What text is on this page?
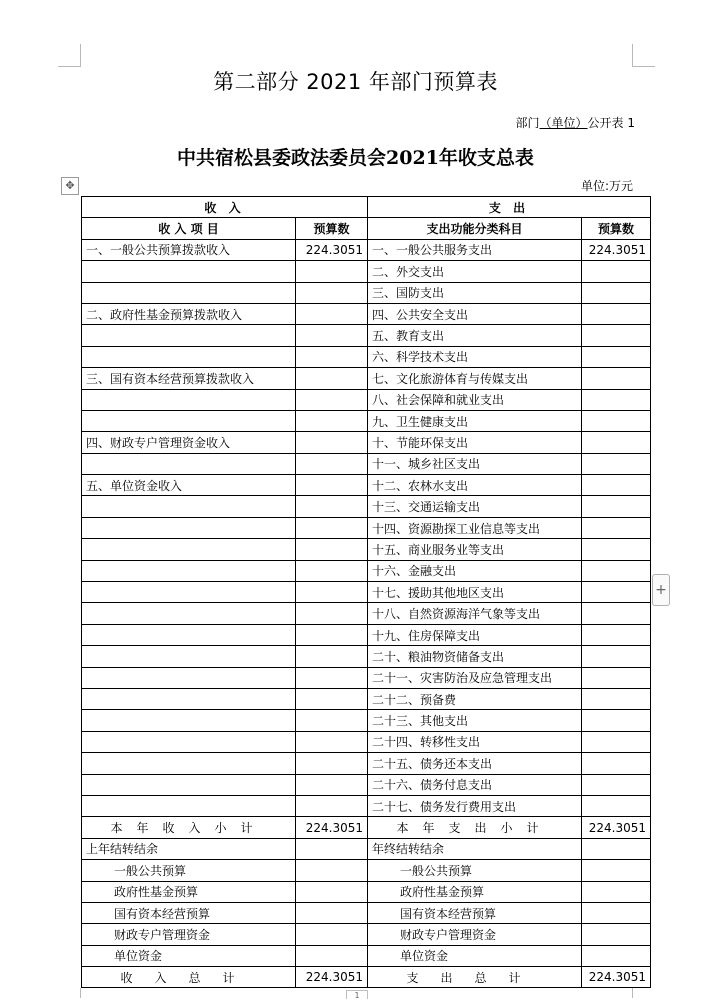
第二部分 2021 年部门预算表
部门（单位）公开表 1
中共宿松县委政法委员会2021年收支总表
✥	单位:万元
+
收 入		支 出	
收 入 项 目	预算数	支出功能分类科目	预算数
一、一般公共预算拨款收入	224.3051	一、一般公共服务支出	224.3051
		二、外交支出	
		三、国防支出	
二、政府性基金预算拨款收入		四、公共安全支出	
		五、教育支出	
		六、科学技术支出	
三、国有资本经营预算拨款收入		七、文化旅游体育与传媒支出	
		八、社会保障和就业支出	
		九、卫生健康支出	
四、财政专户管理资金收入		十、节能环保支出	
		十一、城乡社区支出	
五、单位资金收入		十二、农林水支出	
		十三、交通运输支出	
		十四、资源勘探工业信息等支出	
		十五、商业服务业等支出	
		十六、金融支出	
		十七、援助其他地区支出	
		十八、自然资源海洋气象等支出	
		十九、住房保障支出	
		二十、粮油物资储备支出	
		二十一、灾害防治及应急管理支出	
		二十二、预备费	
		二十三、其他支出	
		二十四、转移性支出	
		二十五、债务还本支出	
		二十六、债务付息支出	
		二十七、债务发行费用支出	
本年收入小计	224.3051	本年支出小计	224.3051
上年结转结余		年终结转结余	
一般公共预算		一般公共预算	
政府性基金预算		政府性基金预算	
国有资本经营预算		国有资本经营预算	
财政专户管理资金		财政专户管理资金	
单位资金		单位资金	
收入总计	224.3051	支出总计	224.3051
1
